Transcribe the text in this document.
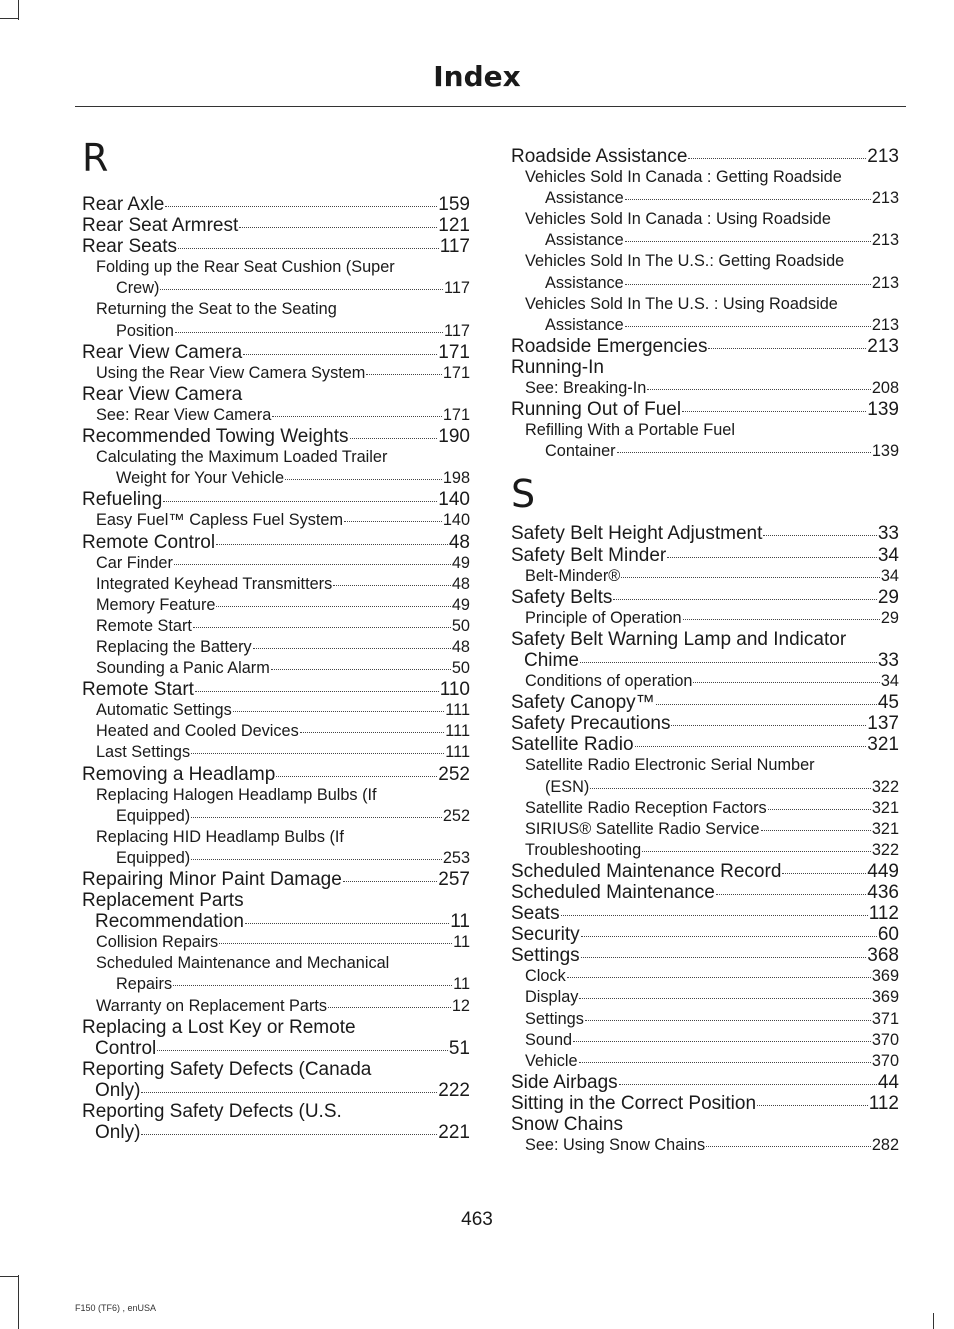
Index
R
Rear Axle	159
Rear Seat Armrest	121
Rear Seats	117
Folding up the Rear Seat Cushion (Super
Crew)	117
Returning the Seat to the Seating
Position	117
Rear View Camera	171
Using the Rear View Camera System	171
Rear View Camera
See: Rear View Camera	171
Recommended Towing Weights	190
Calculating the Maximum Loaded Trailer
Weight for Your Vehicle	198
Refueling	140
Easy Fuel™ Capless Fuel System	140
Remote Control	48
Car Finder	49
Integrated Keyhead Transmitters	48
Memory Feature	49
Remote Start	50
Replacing the Battery	48
Sounding a Panic Alarm	50
Remote Start	110
Automatic Settings	111
Heated and Cooled Devices	111
Last Settings	111
Removing a Headlamp	252
Replacing Halogen Headlamp Bulbs (If
Equipped)	252
Replacing HID Headlamp Bulbs (If
Equipped)	253
Repairing Minor Paint Damage	257
Replacement Parts
Recommendation	11
Collision Repairs	11
Scheduled Maintenance and Mechanical
Repairs	11
Warranty on Replacement Parts	12
Replacing a Lost Key or Remote
Control	51
Reporting Safety Defects (Canada
Only)	222
Reporting Safety Defects (U.S.
Only)	221
Roadside Assistance	213
Vehicles Sold In Canada : Getting Roadside
Assistance	213
Vehicles Sold In Canada : Using Roadside
Assistance	213
Vehicles Sold In The U.S.: Getting Roadside
Assistance	213
Vehicles Sold In The U.S. : Using Roadside
Assistance	213
Roadside Emergencies	213
Running-In
See: Breaking-In	208
Running Out of Fuel	139
Refilling With a Portable Fuel
Container	139
S
Safety Belt Height Adjustment	33
Safety Belt Minder	34
Belt-Minder®	34
Safety Belts	29
Principle of Operation	29
Safety Belt Warning Lamp and Indicator
Chime	33
Conditions of operation	34
Safety Canopy™	45
Safety Precautions	137
Satellite Radio	321
Satellite Radio Electronic Serial Number
(ESN)	322
Satellite Radio Reception Factors	321
SIRIUS® Satellite Radio Service	321
Troubleshooting	322
Scheduled Maintenance Record	449
Scheduled Maintenance	436
Seats	112
Security	60
Settings	368
Clock	369
Display	369
Settings	371
Sound	370
Vehicle	370
Side Airbags	44
Sitting in the Correct Position	112
Snow Chains
See: Using Snow Chains	282
463
F150 (TF6) , enUSA
